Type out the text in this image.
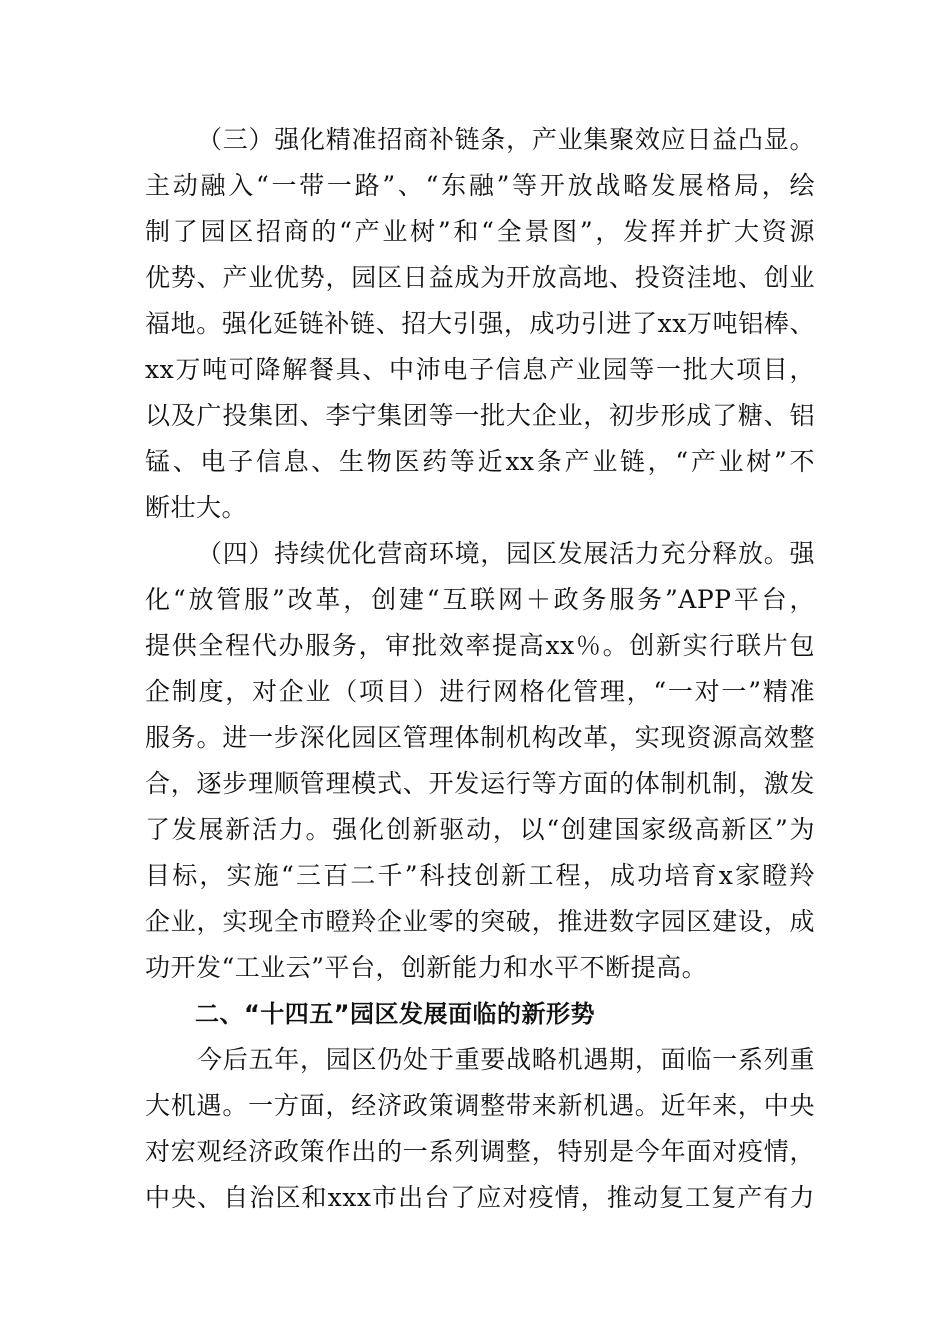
（三）强化精准招商补链条，产业集聚效应日益凸显。
主动融入“一带一路”、“东融”等开放战略发展格局，绘
制了园区招商的“产业树”和“全景图”，发挥并扩大资源
优势、产业优势，园区日益成为开放高地、投资洼地、创业
福地。强化延链补链、招大引强，成功引进了xx万吨铝棒、
xx万吨可降解餐具、中沛电子信息产业园等一批大项目，
以及广投集团、李宁集团等一批大企业，初步形成了糖、铝
锰、电子信息、生物医药等近xx条产业链，“产业树”不
断壮大。
（四）持续优化营商环境，园区发展活力充分释放。强
化“放管服”改革，创建“互联网＋政务服务”APP平台，
提供全程代办服务，审批效率提高xx％。创新实行联片包
企制度，对企业（项目）进行网格化管理，“一对一”精准
服务。进一步深化园区管理体制机构改革，实现资源高效整
合，逐步理顺管理模式、开发运行等方面的体制机制，激发
了发展新活力。强化创新驱动，以“创建国家级高新区”为
目标，实施“三百二千”科技创新工程，成功培育x家瞪羚
企业，实现全市瞪羚企业零的突破，推进数字园区建设，成
功开发“工业云”平台，创新能力和水平不断提高。
二、“十四五”园区发展面临的新形势
今后五年，园区仍处于重要战略机遇期，面临一系列重
大机遇。一方面，经济政策调整带来新机遇。近年来，中央
对宏观经济政策作出的一系列调整，特别是今年面对疫情，
中央、自治区和xxx市出台了应对疫情，推动复工复产有力
